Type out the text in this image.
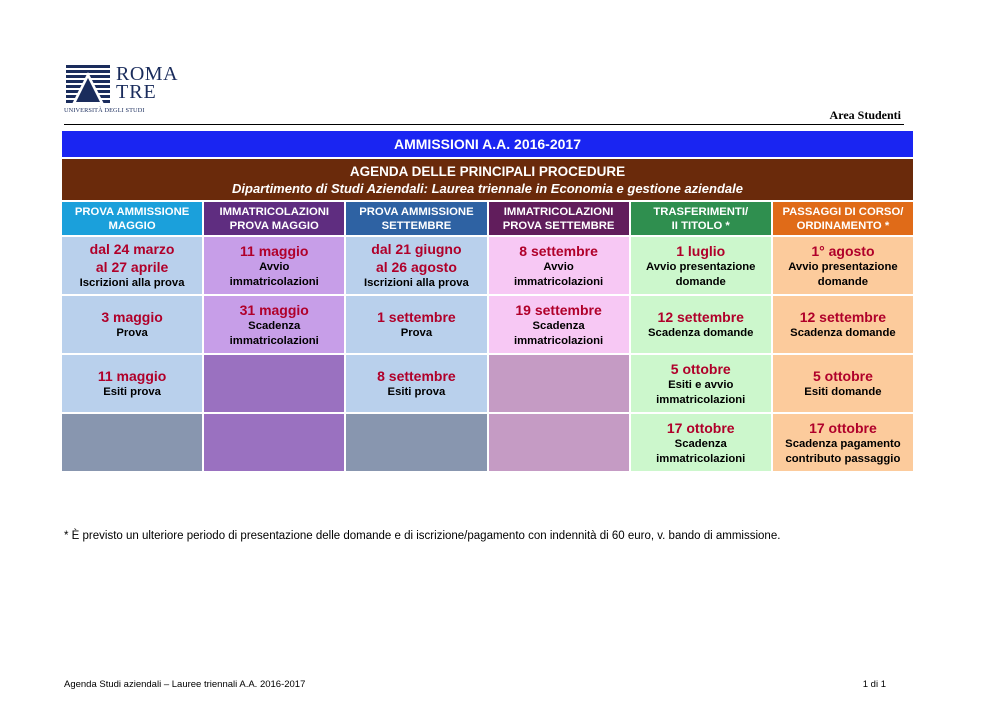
ROMA
TRE
UNIVERSITÀ DEGLI STUDI	Area Studenti
AMMISSIONI A.A. 2016-2017
AGENDA DELLE PRINCIPALI PROCEDURE
Dipartimento di Studi Aziendali: Laurea triennale in Economia e gestione aziendale
PROVA AMMISSIONE
MAGGIO
IMMATRICOLAZIONI
PROVA MAGGIO
PROVA AMMISSIONE
SETTEMBRE
IMMATRICOLAZIONI
PROVA SETTEMBRE
TRASFERIMENTI/
II TITOLO *
PASSAGGI DI CORSO/
ORDINAMENTO *
dal 24 marzo
al 27 aprile
Iscrizioni alla prova
3 maggio
Prova
11 maggio
Esiti prova
11 maggio
Avvio
immatricolazioni
31 maggio
Scadenza
immatricolazioni
dal 21 giugno
al 26 agosto
Iscrizioni alla prova
1 settembre
Prova
8 settembre
Esiti prova
8 settembre
Avvio
immatricolazioni
19 settembre
Scadenza
immatricolazioni
1 luglio
Avvio presentazione
domande
12 settembre
Scadenza domande
5 ottobre
Esiti e avvio
immatricolazioni
17 ottobre
Scadenza
immatricolazioni
1° agosto
Avvio presentazione
domande
12 settembre
Scadenza domande
5 ottobre
Esiti domande
17 ottobre
Scadenza pagamento
contributo passaggio
* È previsto un ulteriore periodo di presentazione delle domande e di iscrizione/pagamento con indennità di 60 euro, v. bando di ammissione.
Agenda Studi aziendali – Lauree triennali A.A. 2016-2017	1 di 1
